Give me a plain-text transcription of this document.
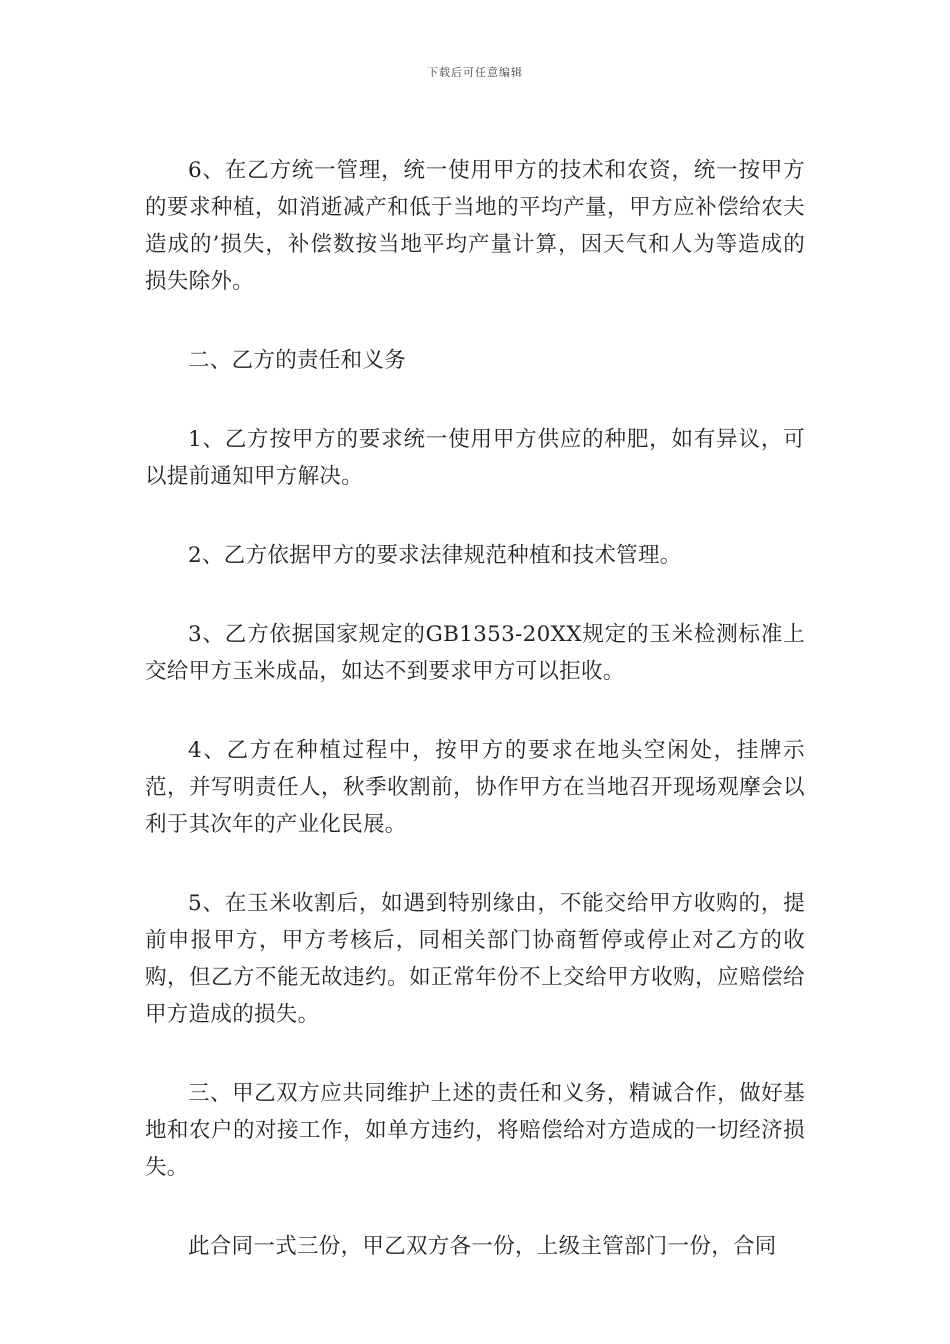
下载后可任意编辑

6、在乙方统一管理，统一使用甲方的技术和农资，统一按甲方的要求种植，如消逝减产和低于当地的平均产量，甲方应补偿给农夫造成的’损失，补偿数按当地平均产量计算，因天气和人为等造成的损失除外。

二、乙方的责任和义务

1、乙方按甲方的要求统一使用甲方供应的种肥，如有异议，可以提前通知甲方解决。

2、乙方依据甲方的要求法律规范种植和技术管理。

3、乙方依据国家规定的GB1353-20XX规定的玉米检测标准上交给甲方玉米成品，如达不到要求甲方可以拒收。

4、乙方在种植过程中，按甲方的要求在地头空闲处，挂牌示范，并写明责任人，秋季收割前，协作甲方在当地召开现场观摩会以利于其次年的产业化民展。

5、在玉米收割后，如遇到特别缘由，不能交给甲方收购的，提前申报甲方，甲方考核后，同相关部门协商暂停或停止对乙方的收购，但乙方不能无故违约。如正常年份不上交给甲方收购，应赔偿给甲方造成的损失。

三、甲乙双方应共同维护上述的责任和义务，精诚合作，做好基地和农户的对接工作，如单方违约，将赔偿给对方造成的一切经济损失。

此合同一式三份，甲乙双方各一份，上级主管部门一份，合同
